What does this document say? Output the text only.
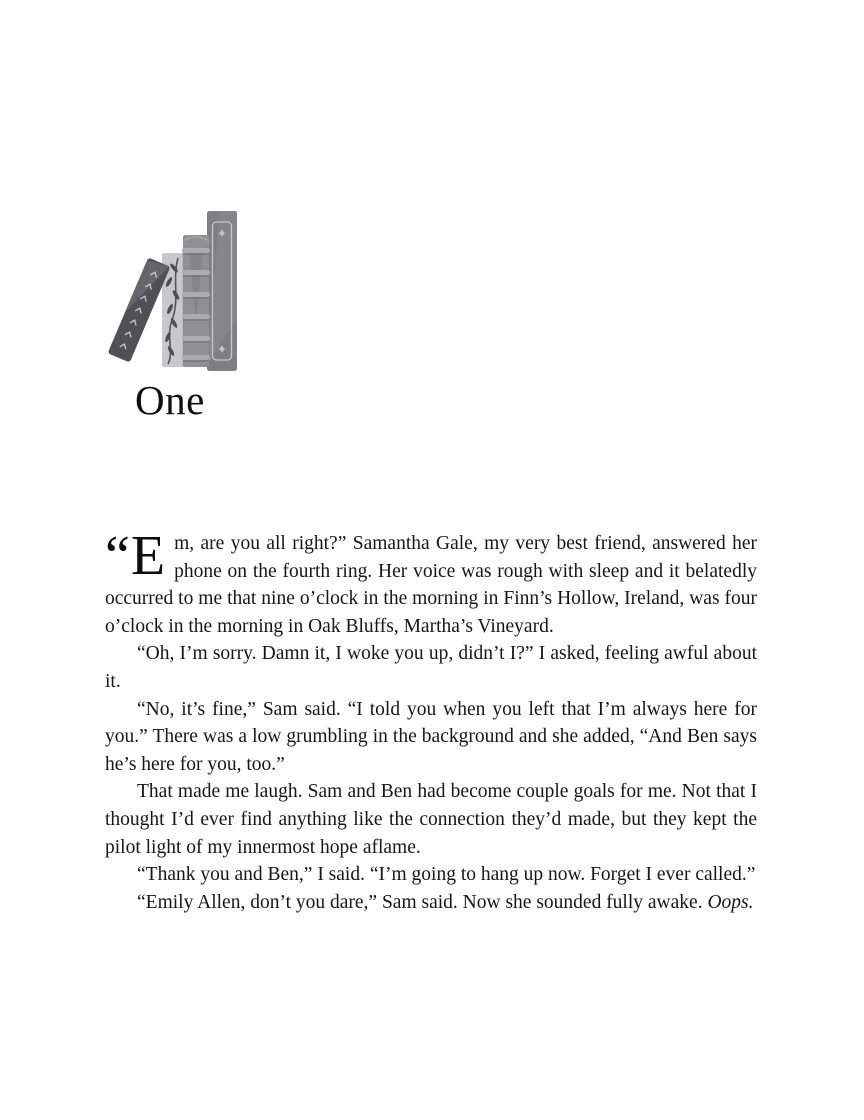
One

“Em, are you all right?” Samantha Gale, my very best friend, answered her phone on the fourth ring. Her voice was rough with sleep and it belatedly occurred to me that nine o’clock in the morning in Finn’s Hollow, Ireland, was four o’clock in the morning in Oak Bluffs, Martha’s Vineyard.

“Oh, I’m sorry. Damn it, I woke you up, didn’t I?” I asked, feeling awful about it.

“No, it’s fine,” Sam said. “I told you when you left that I’m always here for you.” There was a low grumbling in the background and she added, “And Ben says he’s here for you, too.”

That made me laugh. Sam and Ben had become couple goals for me. Not that I thought I’d ever find anything like the connection they’d made, but they kept the pilot light of my innermost hope aflame.

“Thank you and Ben,” I said. “I’m going to hang up now. Forget I ever called.”

“Emily Allen, don’t you dare,” Sam said. Now she sounded fully awake. Oops.
